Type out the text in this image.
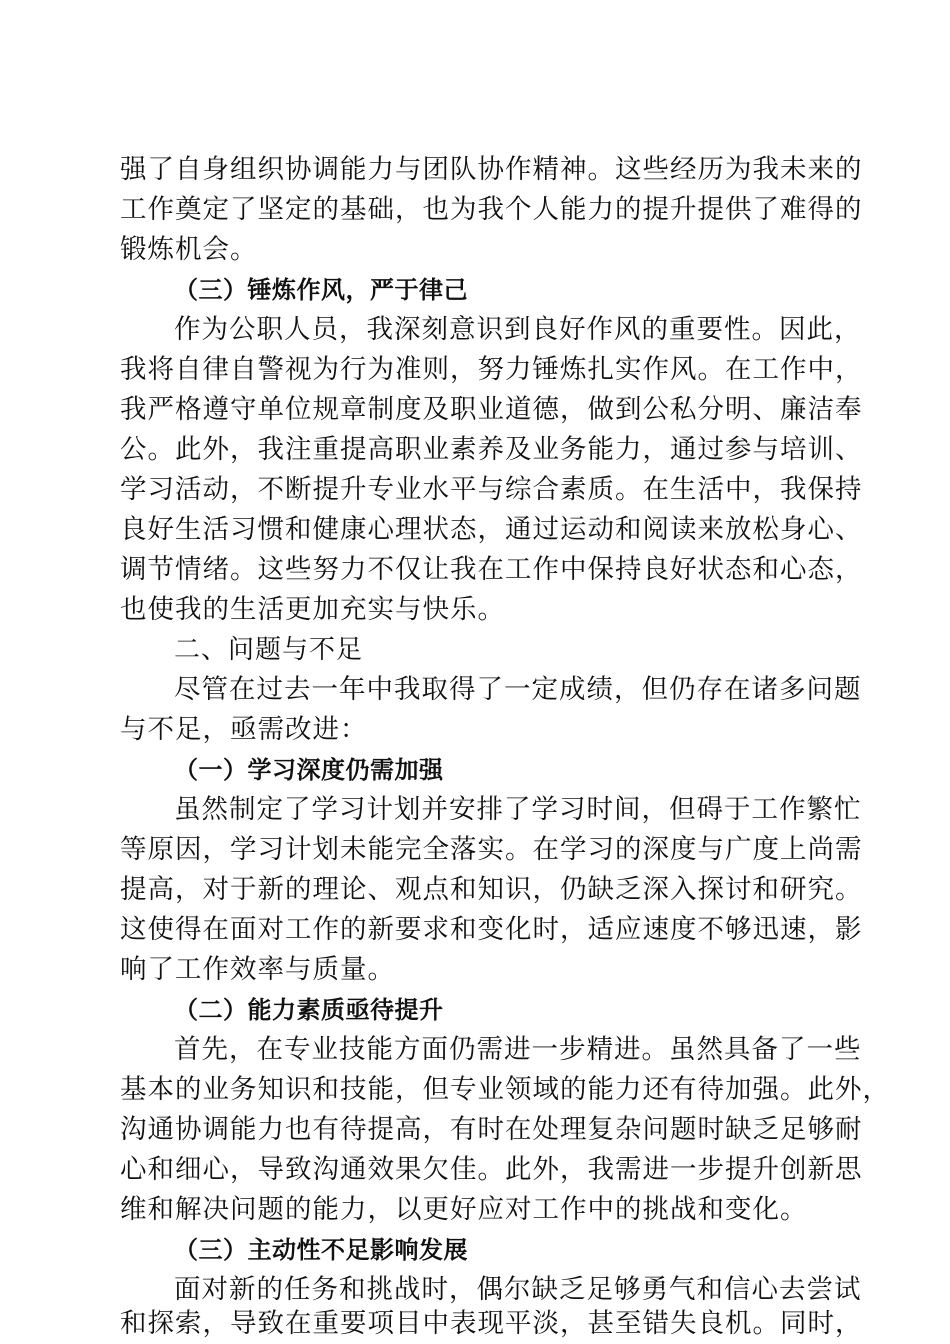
强了自身组织协调能力与团队协作精神。这些经历为我未来的
工作奠定了坚定的基础，也为我个人能力的提升提供了难得的
锻炼机会。
（三）锤炼作风，严于律己
作为公职人员，我深刻意识到良好作风的重要性。因此，
我将自律自警视为行为准则，努力锤炼扎实作风。在工作中，
我严格遵守单位规章制度及职业道德，做到公私分明、廉洁奉
公。此外，我注重提高职业素养及业务能力，通过参与培训、
学习活动，不断提升专业水平与综合素质。在生活中，我保持
良好生活习惯和健康心理状态，通过运动和阅读来放松身心、
调节情绪。这些努力不仅让我在工作中保持良好状态和心态，
也使我的生活更加充实与快乐。
二、问题与不足
尽管在过去一年中我取得了一定成绩，但仍存在诸多问题
与不足，亟需改进：
（一）学习深度仍需加强
虽然制定了学习计划并安排了学习时间，但碍于工作繁忙
等原因，学习计划未能完全落实。在学习的深度与广度上尚需
提高，对于新的理论、观点和知识，仍缺乏深入探讨和研究。
这使得在面对工作的新要求和变化时，适应速度不够迅速，影
响了工作效率与质量。
（二）能力素质亟待提升
首先，在专业技能方面仍需进一步精进。虽然具备了一些
基本的业务知识和技能，但专业领域的能力还有待加强。此外，
沟通协调能力也有待提高，有时在处理复杂问题时缺乏足够耐
心和细心，导致沟通效果欠佳。此外，我需进一步提升创新思
维和解决问题的能力，以更好应对工作中的挑战和变化。
（三）主动性不足影响发展
面对新的任务和挑战时，偶尔缺乏足够勇气和信心去尝试
和探索，导致在重要项目中表现平淡，甚至错失良机。同时，
